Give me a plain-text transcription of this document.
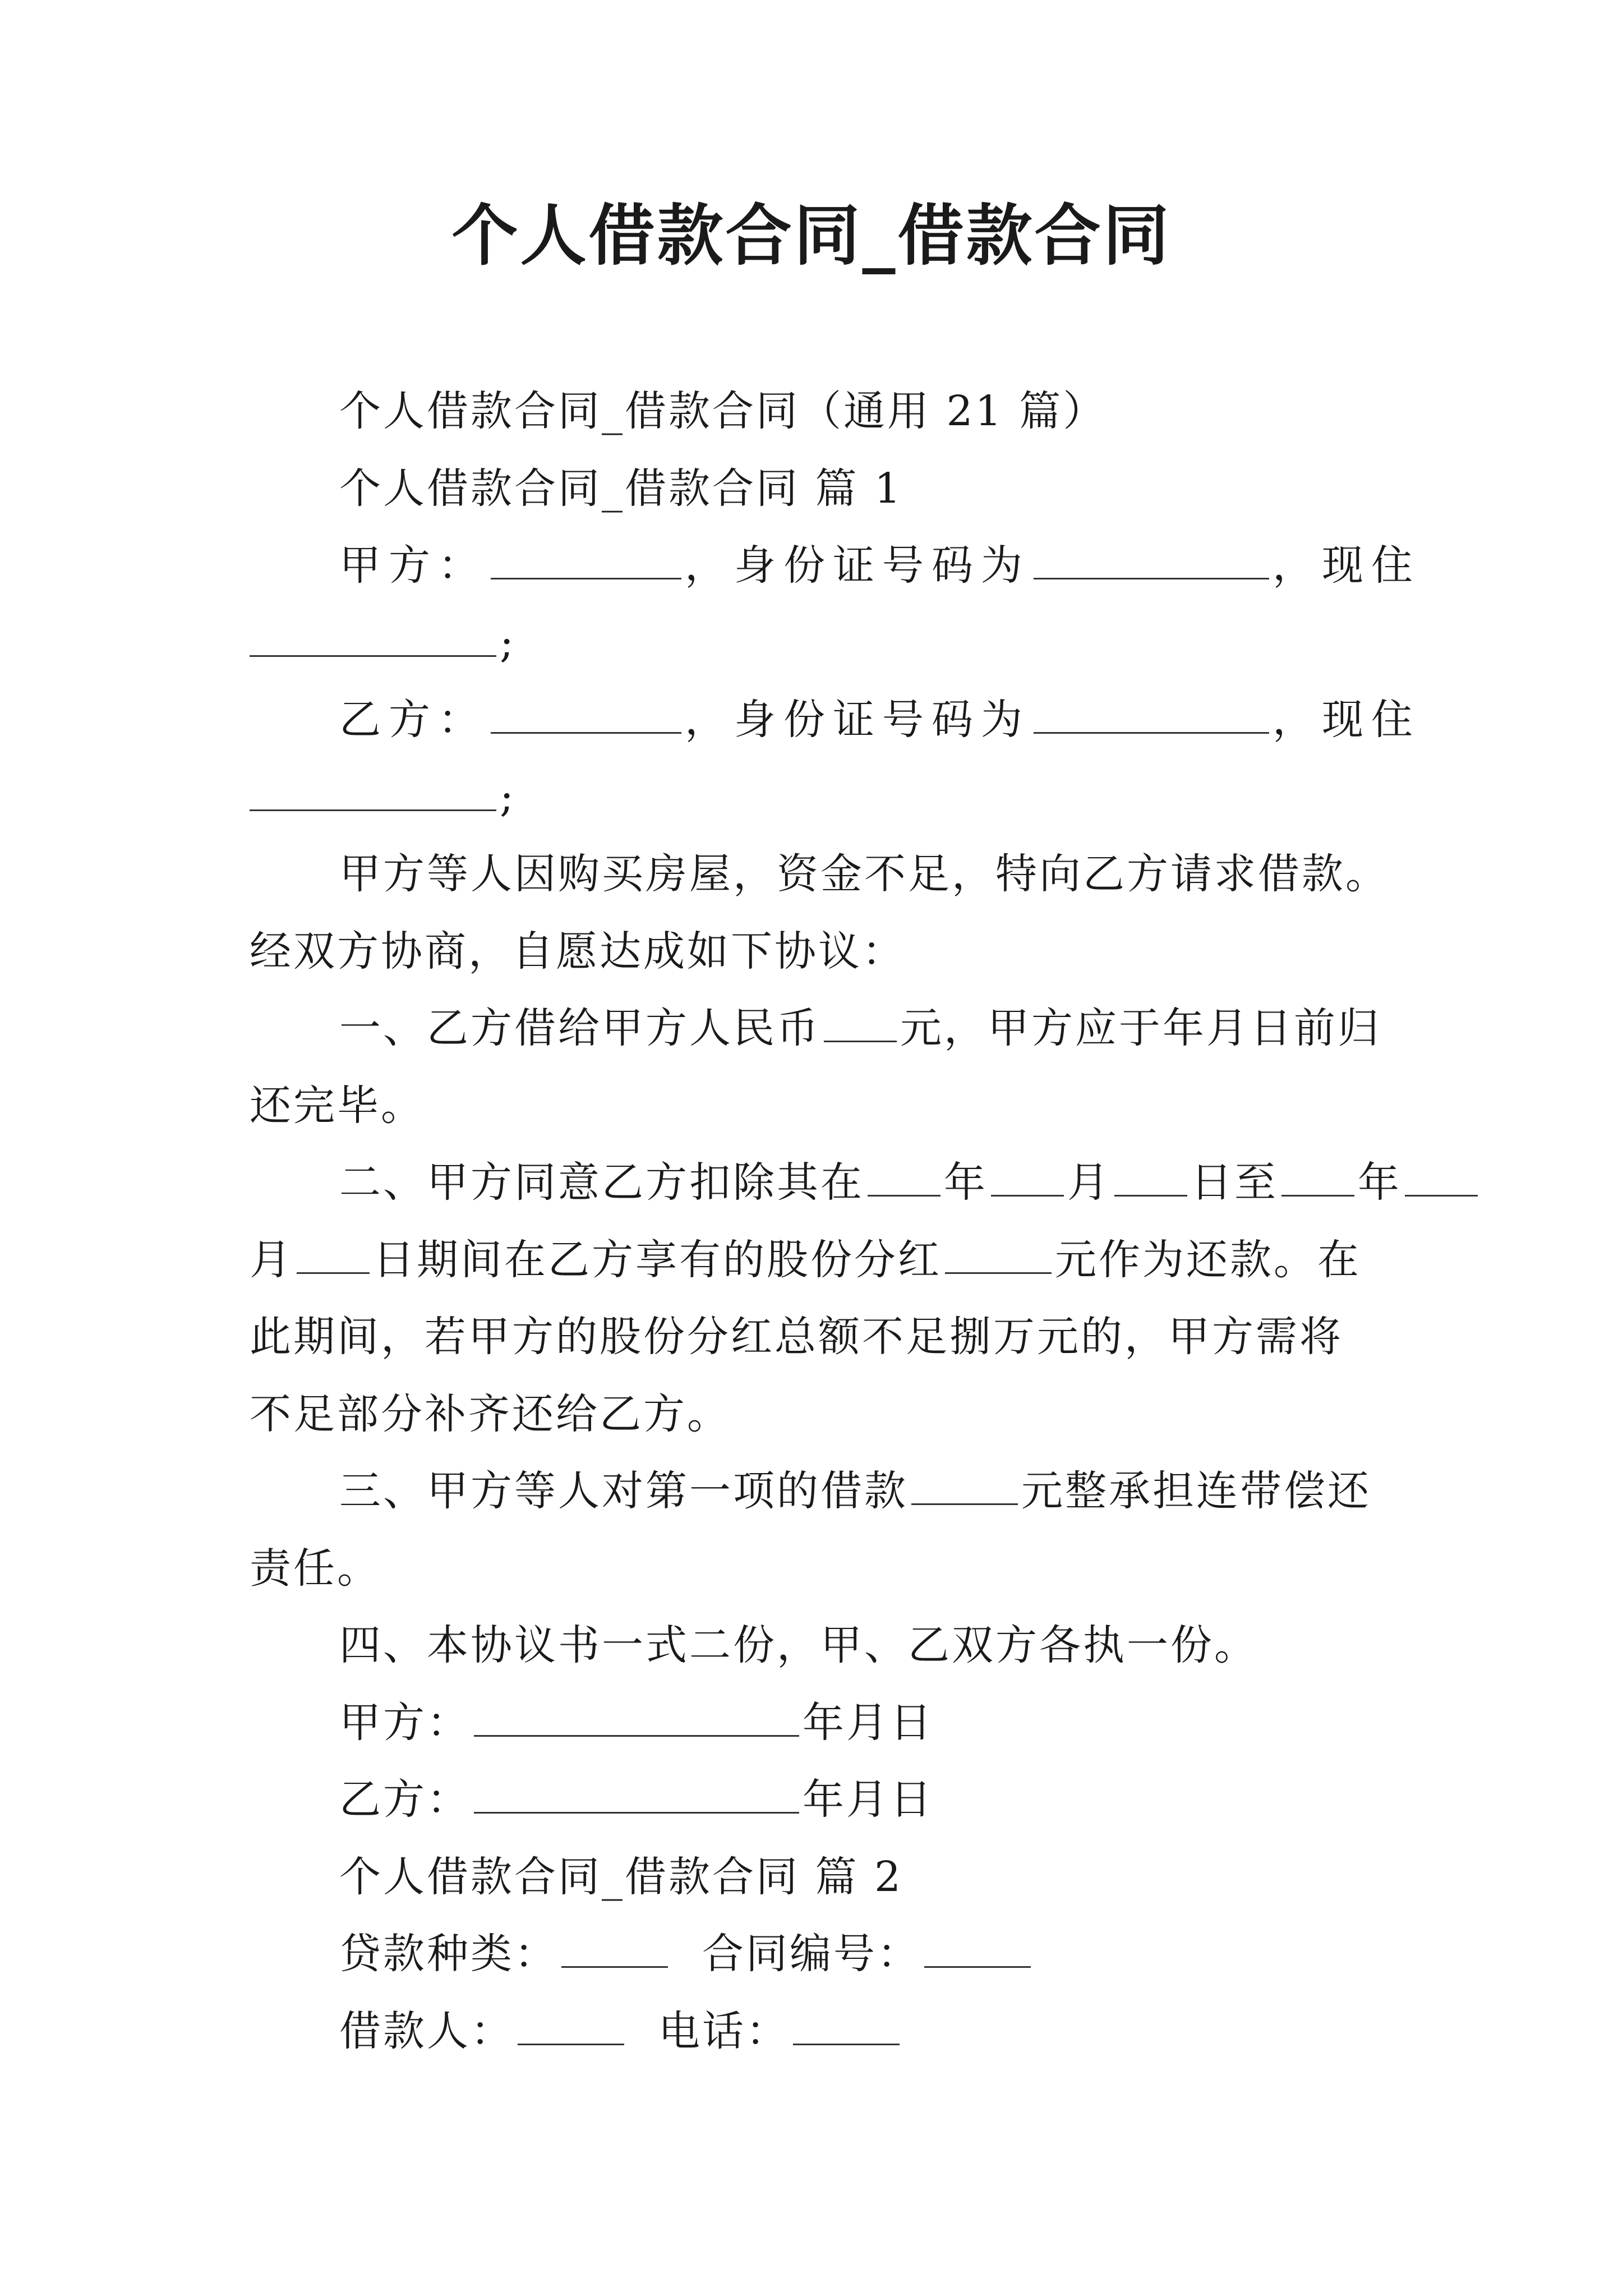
个人借款合同_借款合同
个人借款合同_借款合同（通用 21 篇）
个人借款合同_借款合同 篇 1
甲方：	，身份证号码为	，现住
;
乙方：	，身份证号码为	，现住
;
甲方等人因购买房屋，资金不足，特向乙方请求借款。
经双方协商，自愿达成如下协议：
一、乙方借给甲方人民币 元，甲方应于年月日前归
还完毕。
二、甲方同意乙方扣除其在 年 月 日至 年
月 日期间在乙方享有的股份分红	元作为还款。在
此期间，若甲方的股份分红总额不足捌万元的，甲方需将
不足部分补齐还给乙方。
三、甲方等人对第一项的借款	元整承担连带偿还
责任。
四、本协议书一式二份，甲、乙双方各执一份。
甲方：	年月日
乙方：	年月日
个人借款合同_借款合同 篇 2
贷款种类：	合同编号：
借款人：	电话：
